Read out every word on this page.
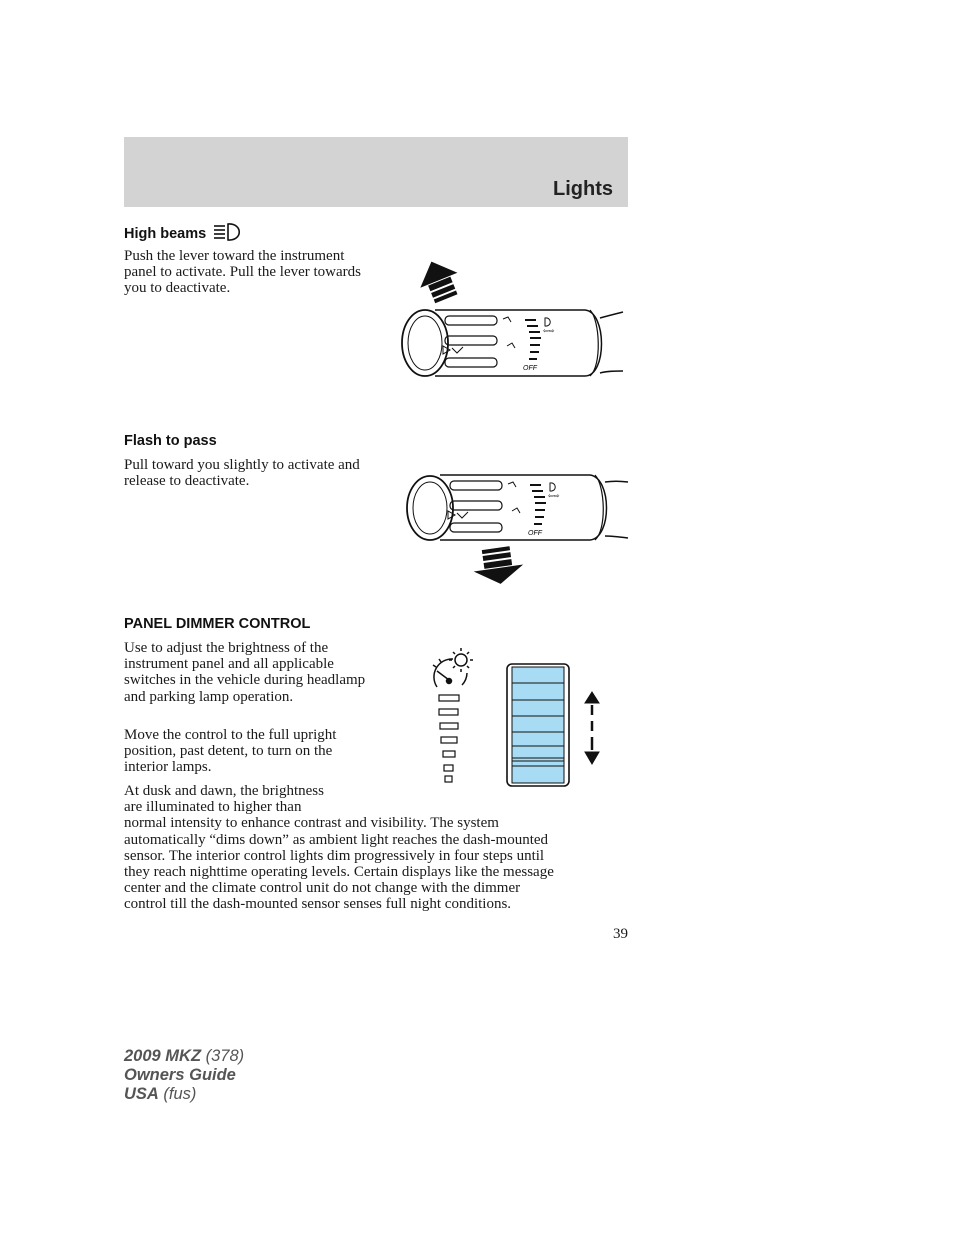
Lights
High beams

Push the lever toward the instrument panel to activate. Pull the lever towards you to deactivate.

⇦⇨
OFF
Flash to pass

Pull toward you slightly to activate and release to deactivate.

⇦⇨
OFF
PANEL DIMMER CONTROL

Use to adjust the brightness of the instrument panel and all applicable switches in the vehicle during headlamp and parking lamp operation.

Move the control to the full upright position, past detent, to turn on the interior lamps.

At dusk and dawn, the brightness
are illuminated to higher than
normal intensity to enhance contrast and visibility. The system
automatically “dims down” as ambient light reaches the dash-mounted
sensor. The interior control lights dim progressively in four steps until
they reach nighttime operating levels. Certain displays like the message
center and the climate control unit do not change with the dimmer
control till the dash-mounted sensor senses full night conditions.
39
2009 MKZ (378)
Owners Guide
USA (fus)
